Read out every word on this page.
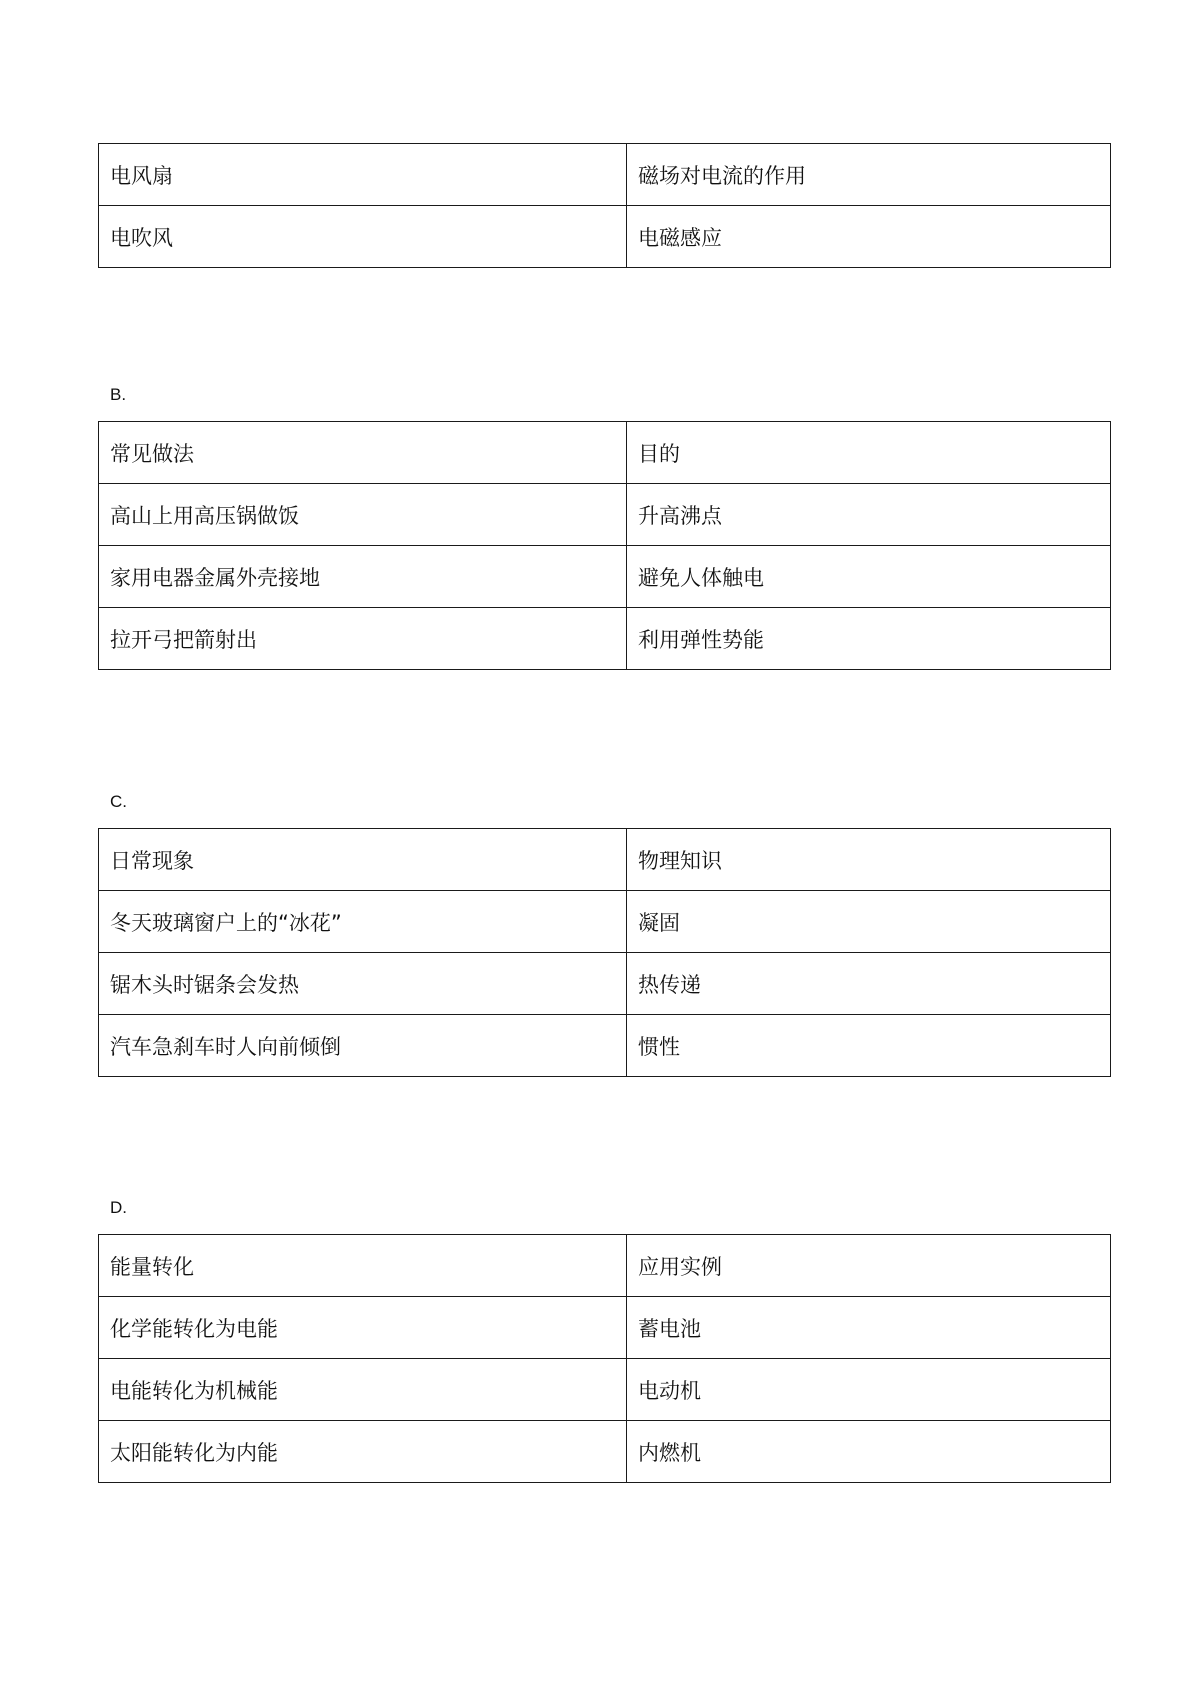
电风扇	磁场对电流的作用
电吹风	电磁感应
B.
常见做法	目的
高山上用高压锅做饭	升高沸点
家用电器金属外壳接地	避免人体触电
拉开弓把箭射出	利用弹性势能
C.
日常现象	物理知识
冬天玻璃窗户上的“冰花”	凝固
锯木头时锯条会发热	热传递
汽车急刹车时人向前倾倒	惯性
D.
能量转化	应用实例
化学能转化为电能	蓄电池
电能转化为机械能	电动机
太阳能转化为内能	内燃机
